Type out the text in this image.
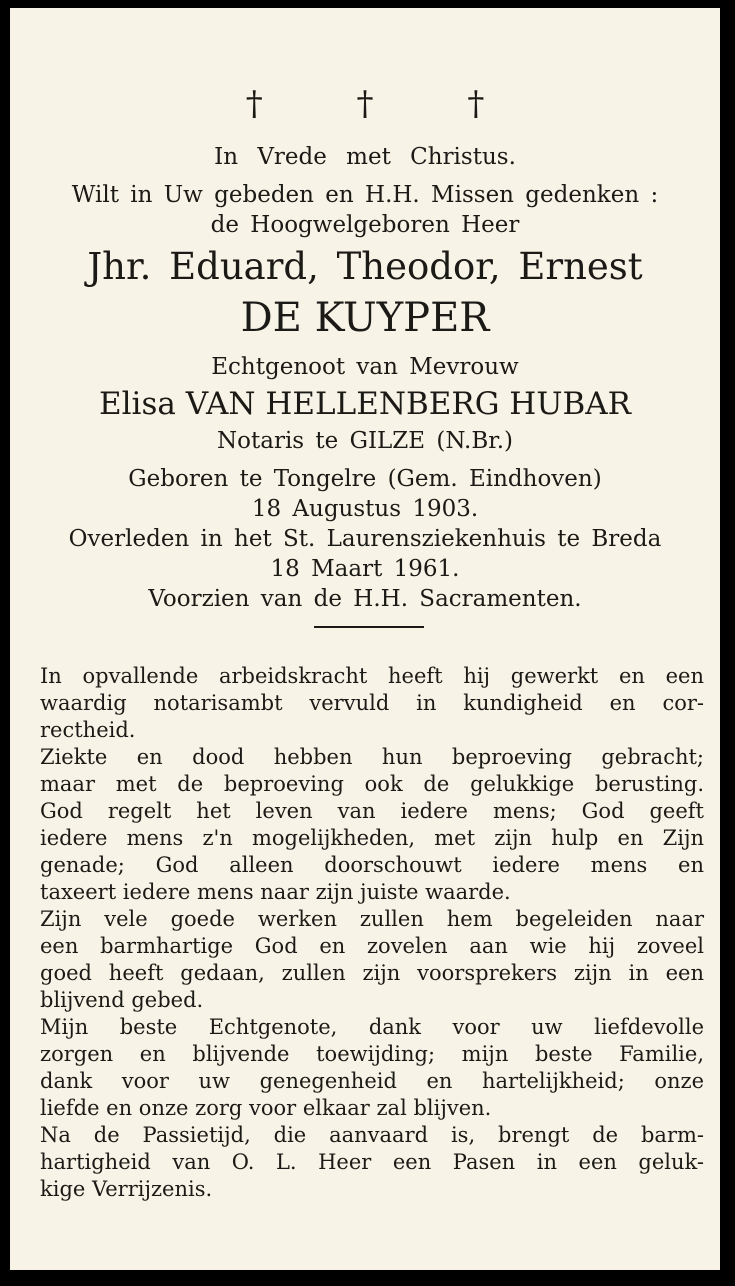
†	†	†
In Vrede met Christus.
Wilt in Uw gebeden en H.H. Missen gedenken :
de Hoogwelgeboren Heer
Jhr. Eduard, Theodor, Ernest
DE KUYPER
Echtgenoot van Mevrouw
Elisa VAN HELLENBERG HUBAR
Notaris te GILZE (N.Br.)
Geboren te Tongelre (Gem. Eindhoven)
18 Augustus 1903.
Overleden in het St. Laurensziekenhuis te Breda
18 Maart 1961.
Voorzien van de H.H. Sacramenten.
In opvallende arbeidskracht heeft hij gewerkt en een
waardig notarisambt vervuld in kundigheid en cor-
rectheid.
Ziekte en dood hebben hun beproeving gebracht;
maar met de beproeving ook de gelukkige berusting.
God regelt het leven van iedere mens; God geeft
iedere mens z'n mogelijkheden, met zijn hulp en Zijn
genade; God alleen doorschouwt iedere mens en
taxeert iedere mens naar zijn juiste waarde.
Zijn vele goede werken zullen hem begeleiden naar
een barmhartige God en zovelen aan wie hij zoveel
goed heeft gedaan, zullen zijn voorsprekers zijn in een
blijvend gebed.
Mijn beste Echtgenote, dank voor uw liefdevolle
zorgen en blijvende toewijding; mijn beste Familie,
dank voor uw genegenheid en hartelijkheid; onze
liefde en onze zorg voor elkaar zal blijven.
Na de Passietijd, die aanvaard is, brengt de barm-
hartigheid van O. L. Heer een Pasen in een geluk-
kige Verrijzenis.
